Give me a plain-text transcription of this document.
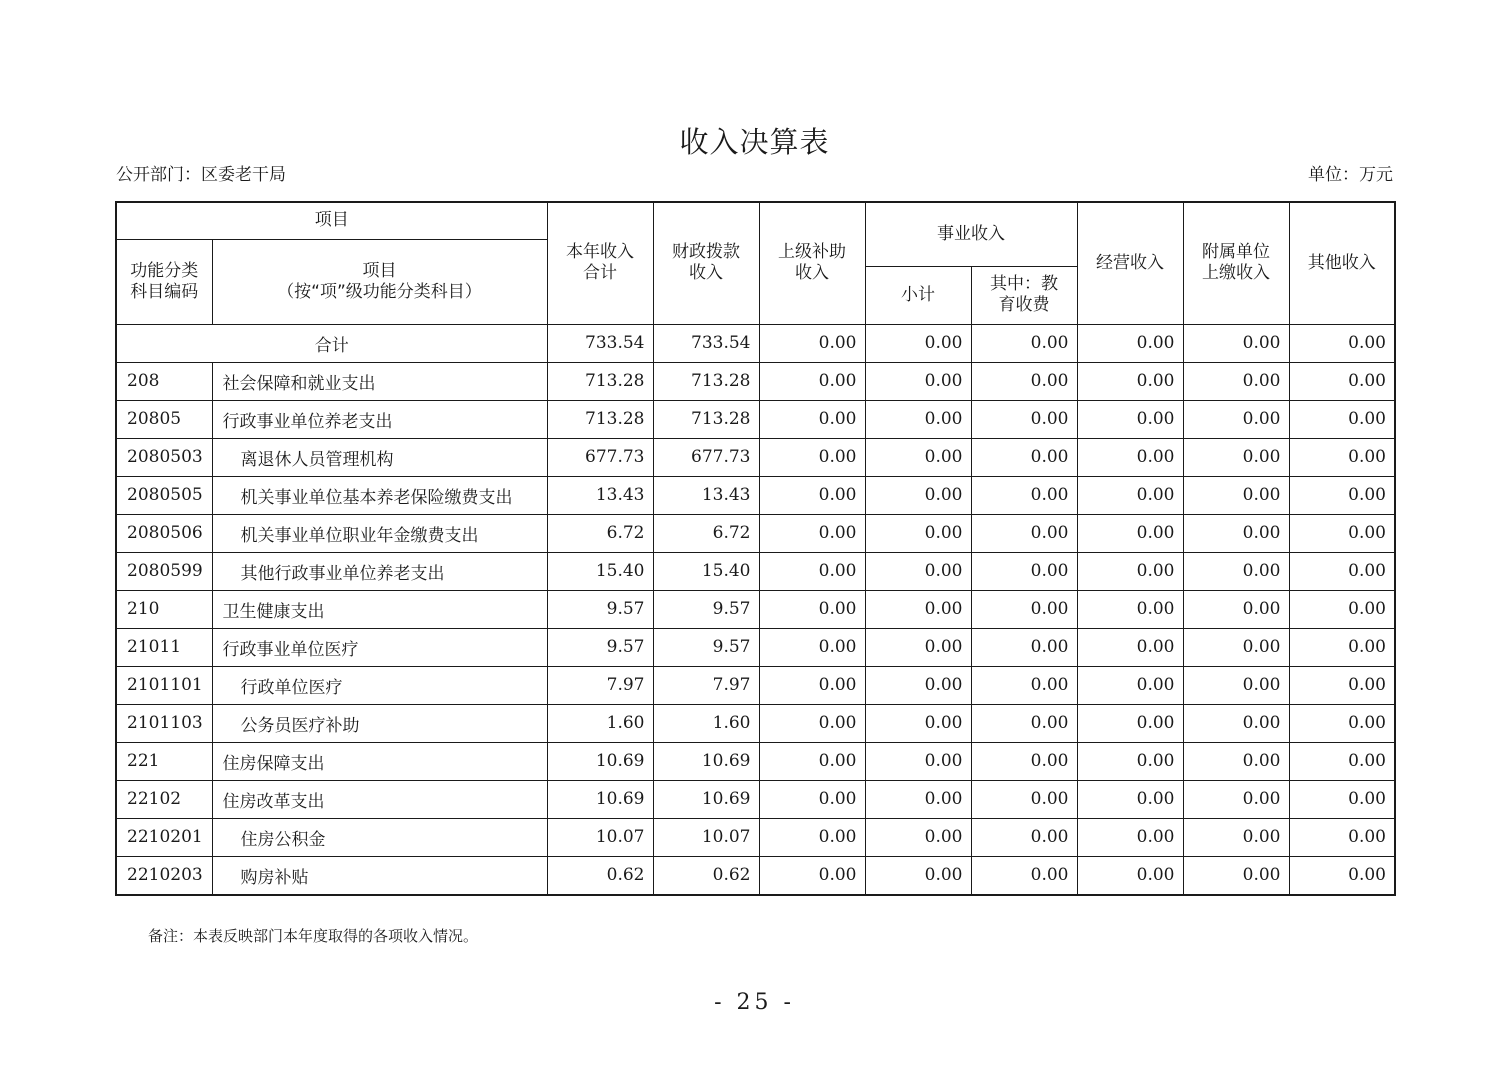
收入决算表
公开部门：区委老干局	单位：万元
项目		本年收入合计	财政拨款收入	上级补助收入	事业收入		经营收入	附属单位上缴收入	其他收入
功能分类科目编码	项目
（按“项”级功能分类科目）								

					小计	其中：教育收费			
合计		733.54	733.54	0.00	0.00	0.00	0.00	0.00	0.00
208	社会保障和就业支出	713.28	713.28	0.00	0.00	0.00	0.00	0.00	0.00
20805	行政事业单位养老支出	713.28	713.28	0.00	0.00	0.00	0.00	0.00	0.00
2080503	离退休人员管理机构	677.73	677.73	0.00	0.00	0.00	0.00	0.00	0.00
2080505	机关事业单位基本养老保险缴费支出	13.43	13.43	0.00	0.00	0.00	0.00	0.00	0.00
2080506	机关事业单位职业年金缴费支出	6.72	6.72	0.00	0.00	0.00	0.00	0.00	0.00
2080599	其他行政事业单位养老支出	15.40	15.40	0.00	0.00	0.00	0.00	0.00	0.00
210	卫生健康支出	9.57	9.57	0.00	0.00	0.00	0.00	0.00	0.00
21011	行政事业单位医疗	9.57	9.57	0.00	0.00	0.00	0.00	0.00	0.00
2101101	行政单位医疗	7.97	7.97	0.00	0.00	0.00	0.00	0.00	0.00
2101103	公务员医疗补助	1.60	1.60	0.00	0.00	0.00	0.00	0.00	0.00
221	住房保障支出	10.69	10.69	0.00	0.00	0.00	0.00	0.00	0.00
22102	住房改革支出	10.69	10.69	0.00	0.00	0.00	0.00	0.00	0.00
2210201	住房公积金	10.07	10.07	0.00	0.00	0.00	0.00	0.00	0.00
2210203	购房补贴	0.62	0.62	0.00	0.00	0.00	0.00	0.00	0.00
备注：本表反映部门本年度取得的各项收入情况。
- 25 -
